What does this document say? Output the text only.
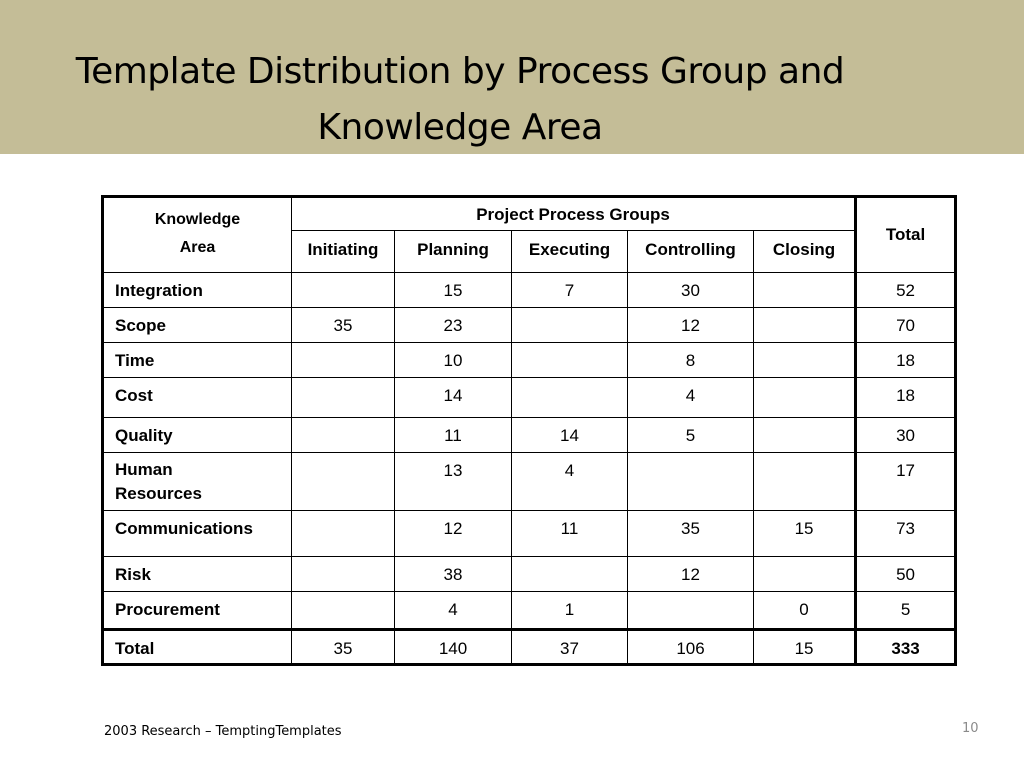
Template Distribution by Process Group and
Knowledge Area
Knowledge
Area	Project Process Groups					Total

	Initiating	Planning	Executing	Controlling	Closing	

Integration		15	7	30		52

Scope	35	23		12		70

Time		10		8		18

Cost		14		4		18

Quality		11	14	5		30

Human
Resources		13	4			17

Communications		12	11	35	15	73

Risk		38		12		50

Procurement		4	1		0	5

Total	35	140	37	106	15	333
2003 Research – TemptingTemplates	10
